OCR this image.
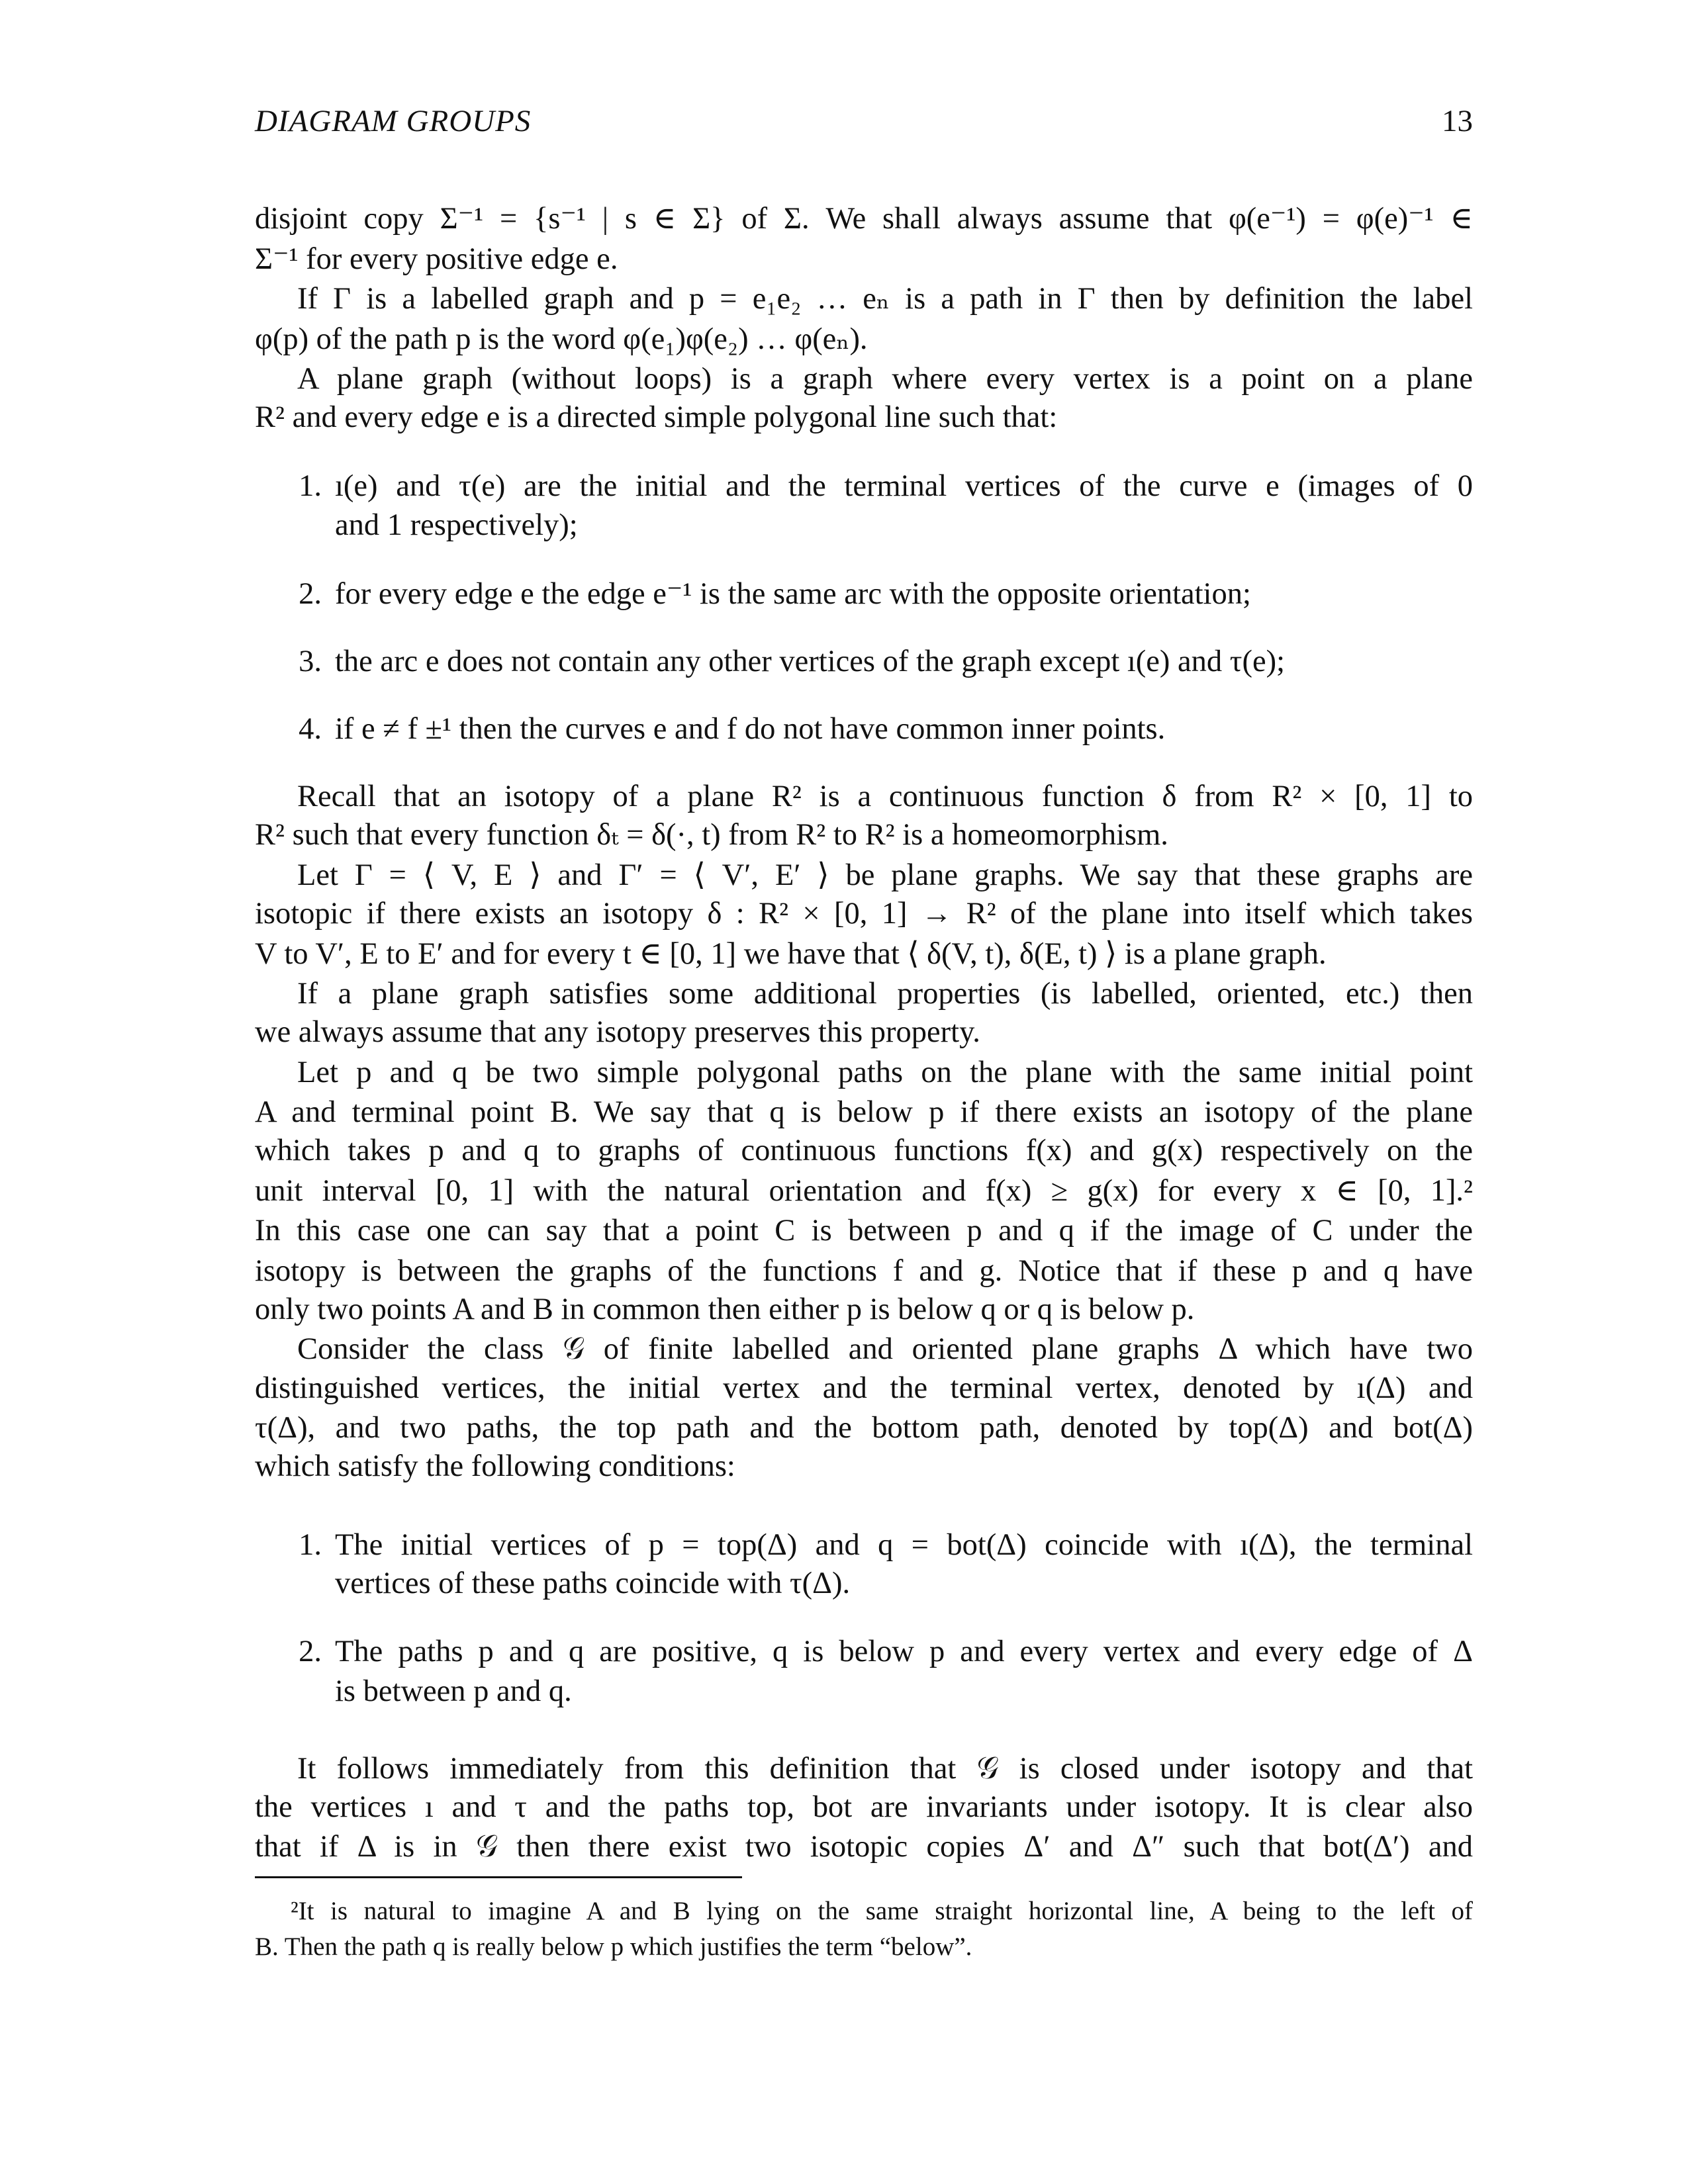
DIAGRAM GROUPS	13
disjoint copy Σ⁻¹ = {s⁻¹ | s ∈ Σ} of Σ. We shall always assume that φ(e⁻¹) = φ(e)⁻¹ ∈
Σ⁻¹ for every positive edge e.
If Γ is a labelled graph and p = e₁e₂ … eₙ is a path in Γ then by definition the label
φ(p) of the path p is the word φ(e₁)φ(e₂) … φ(eₙ).
A plane graph (without loops) is a graph where every vertex is a point on a plane
R² and every edge e is a directed simple polygonal line such that:
1. ı(e) and τ(e) are the initial and the terminal vertices of the curve e (images of 0
and 1 respectively);
2. for every edge e the edge e⁻¹ is the same arc with the opposite orientation;
3. the arc e does not contain any other vertices of the graph except ı(e) and τ(e);
4. if e ≠ f ±¹ then the curves e and f do not have common inner points.
Recall that an isotopy of a plane R² is a continuous function δ from R² × [0, 1] to
R² such that every function δₜ = δ(·, t) from R² to R² is a homeomorphism.
Let Γ = ⟨ V, E ⟩ and Γ′ = ⟨ V′, E′ ⟩ be plane graphs. We say that these graphs are
isotopic if there exists an isotopy δ : R² × [0, 1] → R² of the plane into itself which takes
V to V′, E to E′ and for every t ∈ [0, 1] we have that ⟨ δ(V, t), δ(E, t) ⟩ is a plane graph.
If a plane graph satisfies some additional properties (is labelled, oriented, etc.) then
we always assume that any isotopy preserves this property.
Let p and q be two simple polygonal paths on the plane with the same initial point
A and terminal point B. We say that q is below p if there exists an isotopy of the plane
which takes p and q to graphs of continuous functions f(x) and g(x) respectively on the
unit interval [0, 1] with the natural orientation and f(x) ≥ g(x) for every x ∈ [0, 1].²
In this case one can say that a point C is between p and q if the image of C under the
isotopy is between the graphs of the functions f and g. Notice that if these p and q have
only two points A and B in common then either p is below q or q is below p.
Consider the class 𝒢 of finite labelled and oriented plane graphs Δ which have two
distinguished vertices, the initial vertex and the terminal vertex, denoted by ı(Δ) and
τ(Δ), and two paths, the top path and the bottom path, denoted by top(Δ) and bot(Δ)
which satisfy the following conditions:
1. The initial vertices of p = top(Δ) and q = bot(Δ) coincide with ı(Δ), the terminal
vertices of these paths coincide with τ(Δ).
2. The paths p and q are positive, q is below p and every vertex and every edge of Δ
is between p and q.
It follows immediately from this definition that 𝒢 is closed under isotopy and that
the vertices ı and τ and the paths top, bot are invariants under isotopy. It is clear also
that if Δ is in 𝒢 then there exist two isotopic copies Δ′ and Δ″ such that bot(Δ′) and
²It is natural to imagine A and B lying on the same straight horizontal line, A being to the left of
B. Then the path q is really below p which justifies the term “below”.
